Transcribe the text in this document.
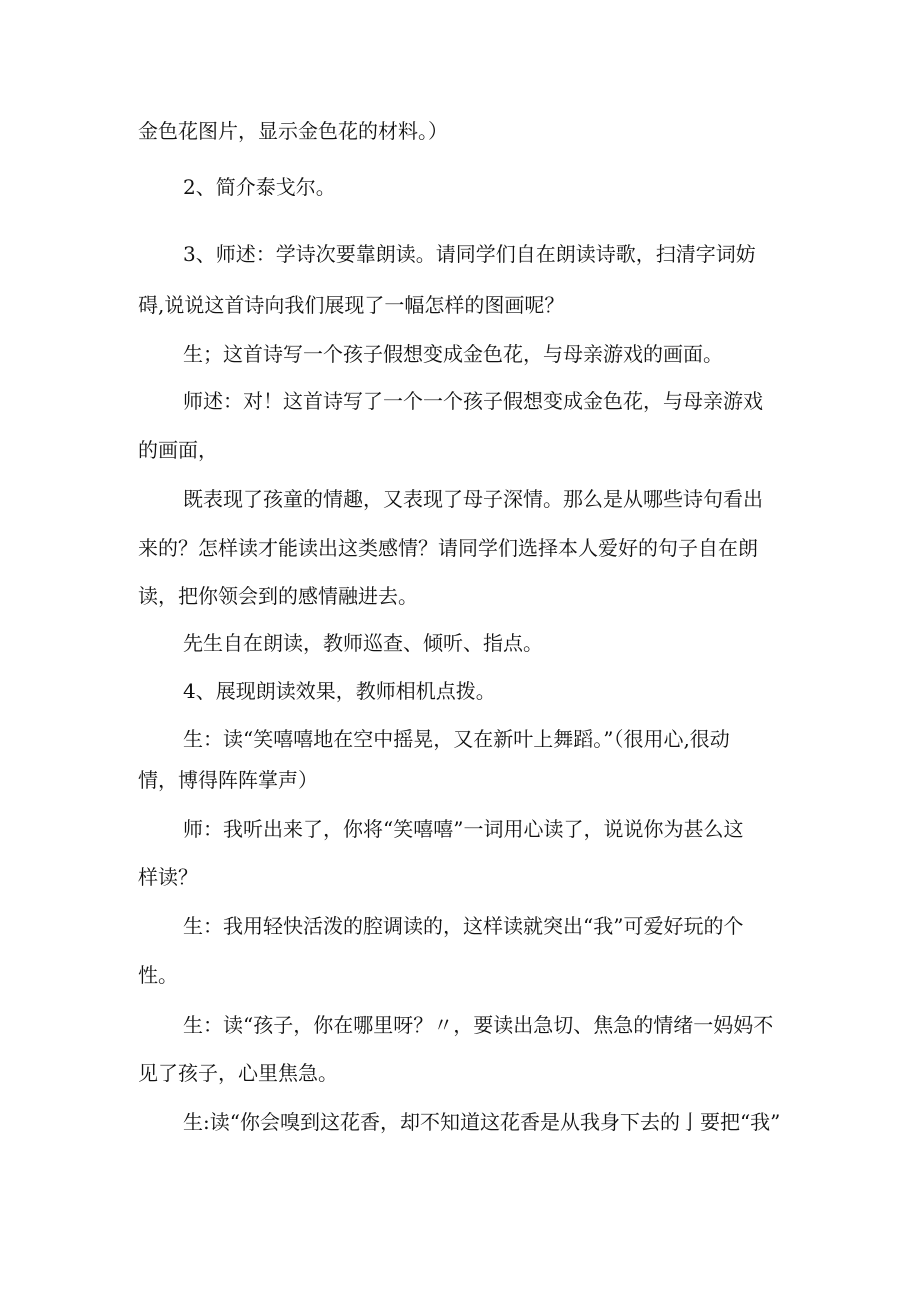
金色花图片，显示金色花的材料。）

2、简介泰戈尔。

3、师述：学诗次要靠朗读。请同学们自在朗读诗歌，扫清字词妨

碍,说说这首诗向我们展现了一幅怎样的图画呢？

生；这首诗写一个孩子假想变成金色花，与母亲游戏的画面。

师述：对！这首诗写了一个一个孩子假想变成金色花，与母亲游戏

的画面，

既表现了孩童的情趣，又表现了母子深情。那么是从哪些诗句看出

来的？怎样读才能读出这类感情？请同学们选择本人爱好的句子自在朗

读，把你领会到的感情融进去。

先生自在朗读，教师巡查、倾听、指点。

4、展现朗读效果，教师相机点拨。

生：读“笑嘻嘻地在空中摇晃，又在新叶上舞蹈。”（很用心,很动

情，博得阵阵掌声）

师：我听出来了，你将“笑嘻嘻”一词用心读了，说说你为甚么这

样读？

生：我用轻快活泼的腔调读的，这样读就突出“我”可爱好玩的个

性。

生：读“孩子，你在哪里呀？〃，要读出急切、焦急的情绪一妈妈不

见了孩子，心里焦急。

生:读“你会嗅到这花香，却不知道这花香是从我身下去的亅要把“我”
